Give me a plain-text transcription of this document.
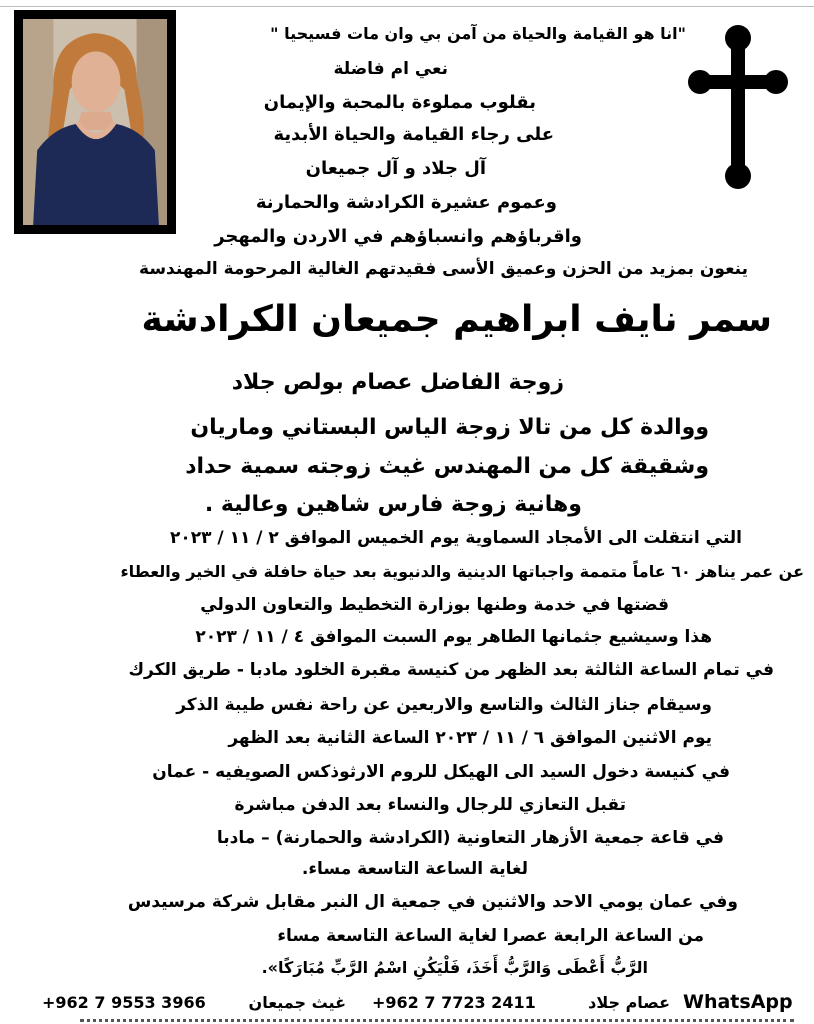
"انا هو القيامة والحياة من آمن بي وان مات فسيحيا "
نعي ام فاضلة
بقلوب مملوءة بالمحبة والإيمان
على رجاء القيامة والحياة الأبدية
آل جلاد و آل جميعان
وعموم عشيرة الكرادشة والحمارنة
واقرباؤهم وانسباؤهم في الاردن والمهجر
ينعون بمزيد من الحزن وعميق الأسى فقيدتهم الغالية المرحومة المهندسة
سمر نايف ابراهيم جميعان الكرادشة
زوجة الفاضل عصام بولص جلاد
ووالدة كل من تالا زوجة الياس البستاني وماريان
وشقيقة كل من المهندس غيث زوجته سمية حداد
وهانية زوجة فارس شاهين وعالية .
التي انتقلت الى الأمجاد السماوية يوم الخميس الموافق ٢ / ١١ / ٢٠٢٣
عن عمر يناهز ٦٠ عاماً متممة واجباتها الدينية والدنيوية بعد حياة حافلة في الخير والعطاء
قضتها في خدمة وطنها بوزارة التخطيط والتعاون الدولي
هذا وسيشيع جثمانها الطاهر يوم السبت الموافق ٤ / ١١ / ٢٠٢٣
في تمام الساعة الثالثة بعد الظهر من كنيسة مقبرة الخلود مادبا - طريق الكرك
وسيقام جناز الثالث والتاسع والاربعين عن راحة نفس طيبة الذكر
يوم الاثنين الموافق ٦ / ١١ / ٢٠٢٣ الساعة الثانية بعد الظهر
في كنيسة دخول السيد الى الهيكل للروم الارثوذكس الصويفيه - عمان
تقبل التعازي للرجال والنساء بعد الدفن مباشرة
في قاعة جمعية الأزهار التعاونية (الكرادشة والحمارنة) – مادبا
لغاية الساعة التاسعة مساء.
وفي عمان يومي الاحد والاثنين في جمعية ال النبر مقابل شركة مرسيدس
من الساعة الرابعة عصرا لغاية الساعة التاسعة مساء
الرَّبُّ أَعْطَى وَالرَّبُّ أَخَذَ، فَلْيَكُنِ اسْمُ الرَّبِّ مُبَارَكًا».
WhatsApp
عصام جلاد
+962 7 7723 2411
غيث جميعان
+962 7 9553 3966
